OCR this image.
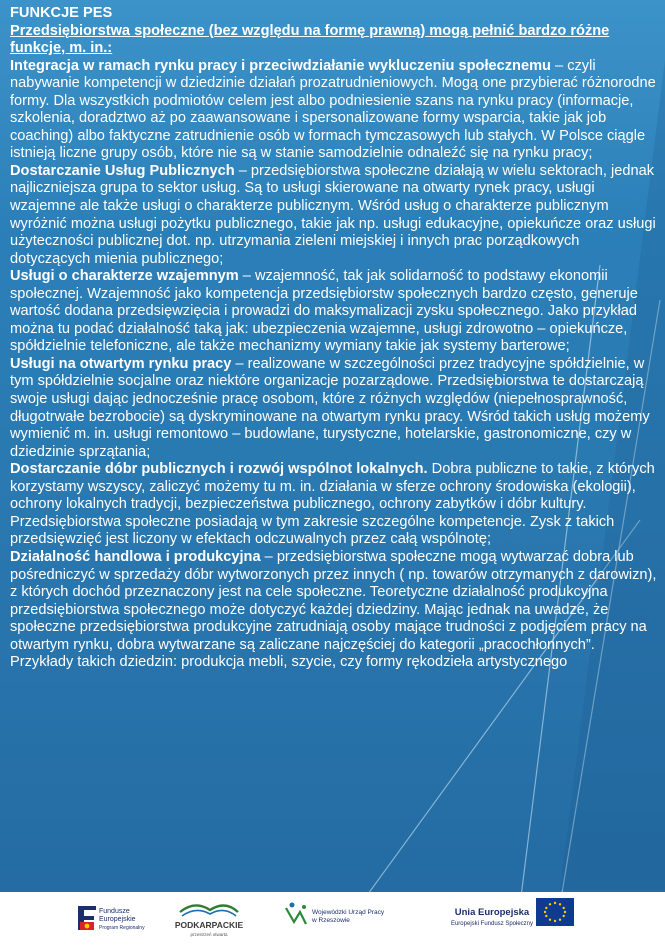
FUNKCJE PES

Przedsiębiorstwa społeczne (bez względu na formę prawną) mogą pełnić bardzo różne funkcje, m. in.:

Integracja w ramach rynku pracy i przeciwdziałanie wykluczeniu społecznemu – czyli nabywanie kompetencji w dziedzinie działań prozatrudnieniowych. Mogą one przybierać różnorodne formy. Dla wszystkich podmiotów celem jest albo podniesienie szans na rynku pracy (informacje, szkolenia, doradztwo aż po zaawansowane i spersonalizowane formy wsparcia, takie jak job coaching) albo faktyczne zatrudnienie osób w formach tymczasowych lub stałych. W Polsce ciągle istnieją liczne grupy osób, które nie są w stanie samodzielnie odnaleźć się na rynku pracy;

Dostarczanie Usług Publicznych – przedsiębiorstwa społeczne działają w wielu sektorach, jednak najliczniejsza grupa to sektor usług. Są to usługi skierowane na otwarty rynek pracy, usługi wzajemne ale także usługi o charakterze publicznym. Wśród usług o charakterze publicznym wyróżnić można usługi pożytku publicznego, takie jak np. usługi edukacyjne, opiekuńcze oraz usługi użyteczności publicznej dot. np. utrzymania zieleni miejskiej i innych prac porządkowych dotyczących mienia publicznego;

Usługi o charakterze wzajemnym – wzajemność, tak jak solidarność to podstawy ekonomii społecznej. Wzajemność jako kompetencja przedsiębiorstw społecznych bardzo często, generuje wartość dodana przedsięwzięcia i prowadzi do maksymalizacji zysku społecznego. Jako przykład można tu podać działalność taką jak: ubezpieczenia wzajemne, usługi zdrowotno – opiekuńcze, spółdzielnie telefoniczne, ale także mechanizmy wymiany takie jak systemy barterowe;

Usługi na otwartym rynku pracy – realizowane w szczególności przez tradycyjne spółdzielnie, w tym spółdzielnie socjalne oraz niektóre organizacje pozarządowe. Przedsiębiorstwa te dostarczają swoje usługi dając jednocześnie pracę osobom, które z różnych względów (niepełnosprawność, długotrwałe bezrobocie) są dyskryminowane na otwartym rynku pracy. Wśród takich usług możemy wymienić m. in. usługi remontowo – budowlane, turystyczne, hotelarskie, gastronomiczne, czy w dziedzinie sprzątania;

Dostarczanie dóbr publicznych i rozwój wspólnot lokalnych. Dobra publiczne to takie, z których korzystamy wszyscy, zaliczyć możemy tu m. in. działania w sferze ochrony środowiska (ekologii), ochrony lokalnych tradycji, bezpieczeństwa publicznego, ochrony zabytków i dóbr kultury. Przedsiębiorstwa społeczne posiadają w tym zakresie szczególne kompetencje. Zysk z takich przedsięwzięć jest liczony w efektach odczuwalnych przez całą wspólnotę;

Działalność handlowa i produkcyjna – przedsiębiorstwa społeczne mogą wytwarzać dobra lub pośredniczyć w sprzedaży dóbr wytworzonych przez innych ( np. towarów otrzymanych z darowizn), z których dochód przeznaczony jest na cele społeczne. Teoretyczne działalność produkcyjna przedsiębiorstwa społecznego może dotyczyć każdej dziedziny. Mając jednak na uwadze, że społeczne przedsiębiorstwa produkcyjne zatrudniają osoby mające trudności z podjęciem pracy na otwartym rynku, dobra wytwarzane są zaliczane najczęściej do kategorii „pracochłonnych”. Przykłady takich dziedzin: produkcja mebli, szycie, czy formy rękodzieła artystycznego

Fundusze
Europejskie
Program Regionalny	PODKARPACKIE
przestrzeń otwarta
Wojewódzki Urząd Pracy
w Rzeszowie
Unia Europejska
Europejski Fundusz Społeczny
